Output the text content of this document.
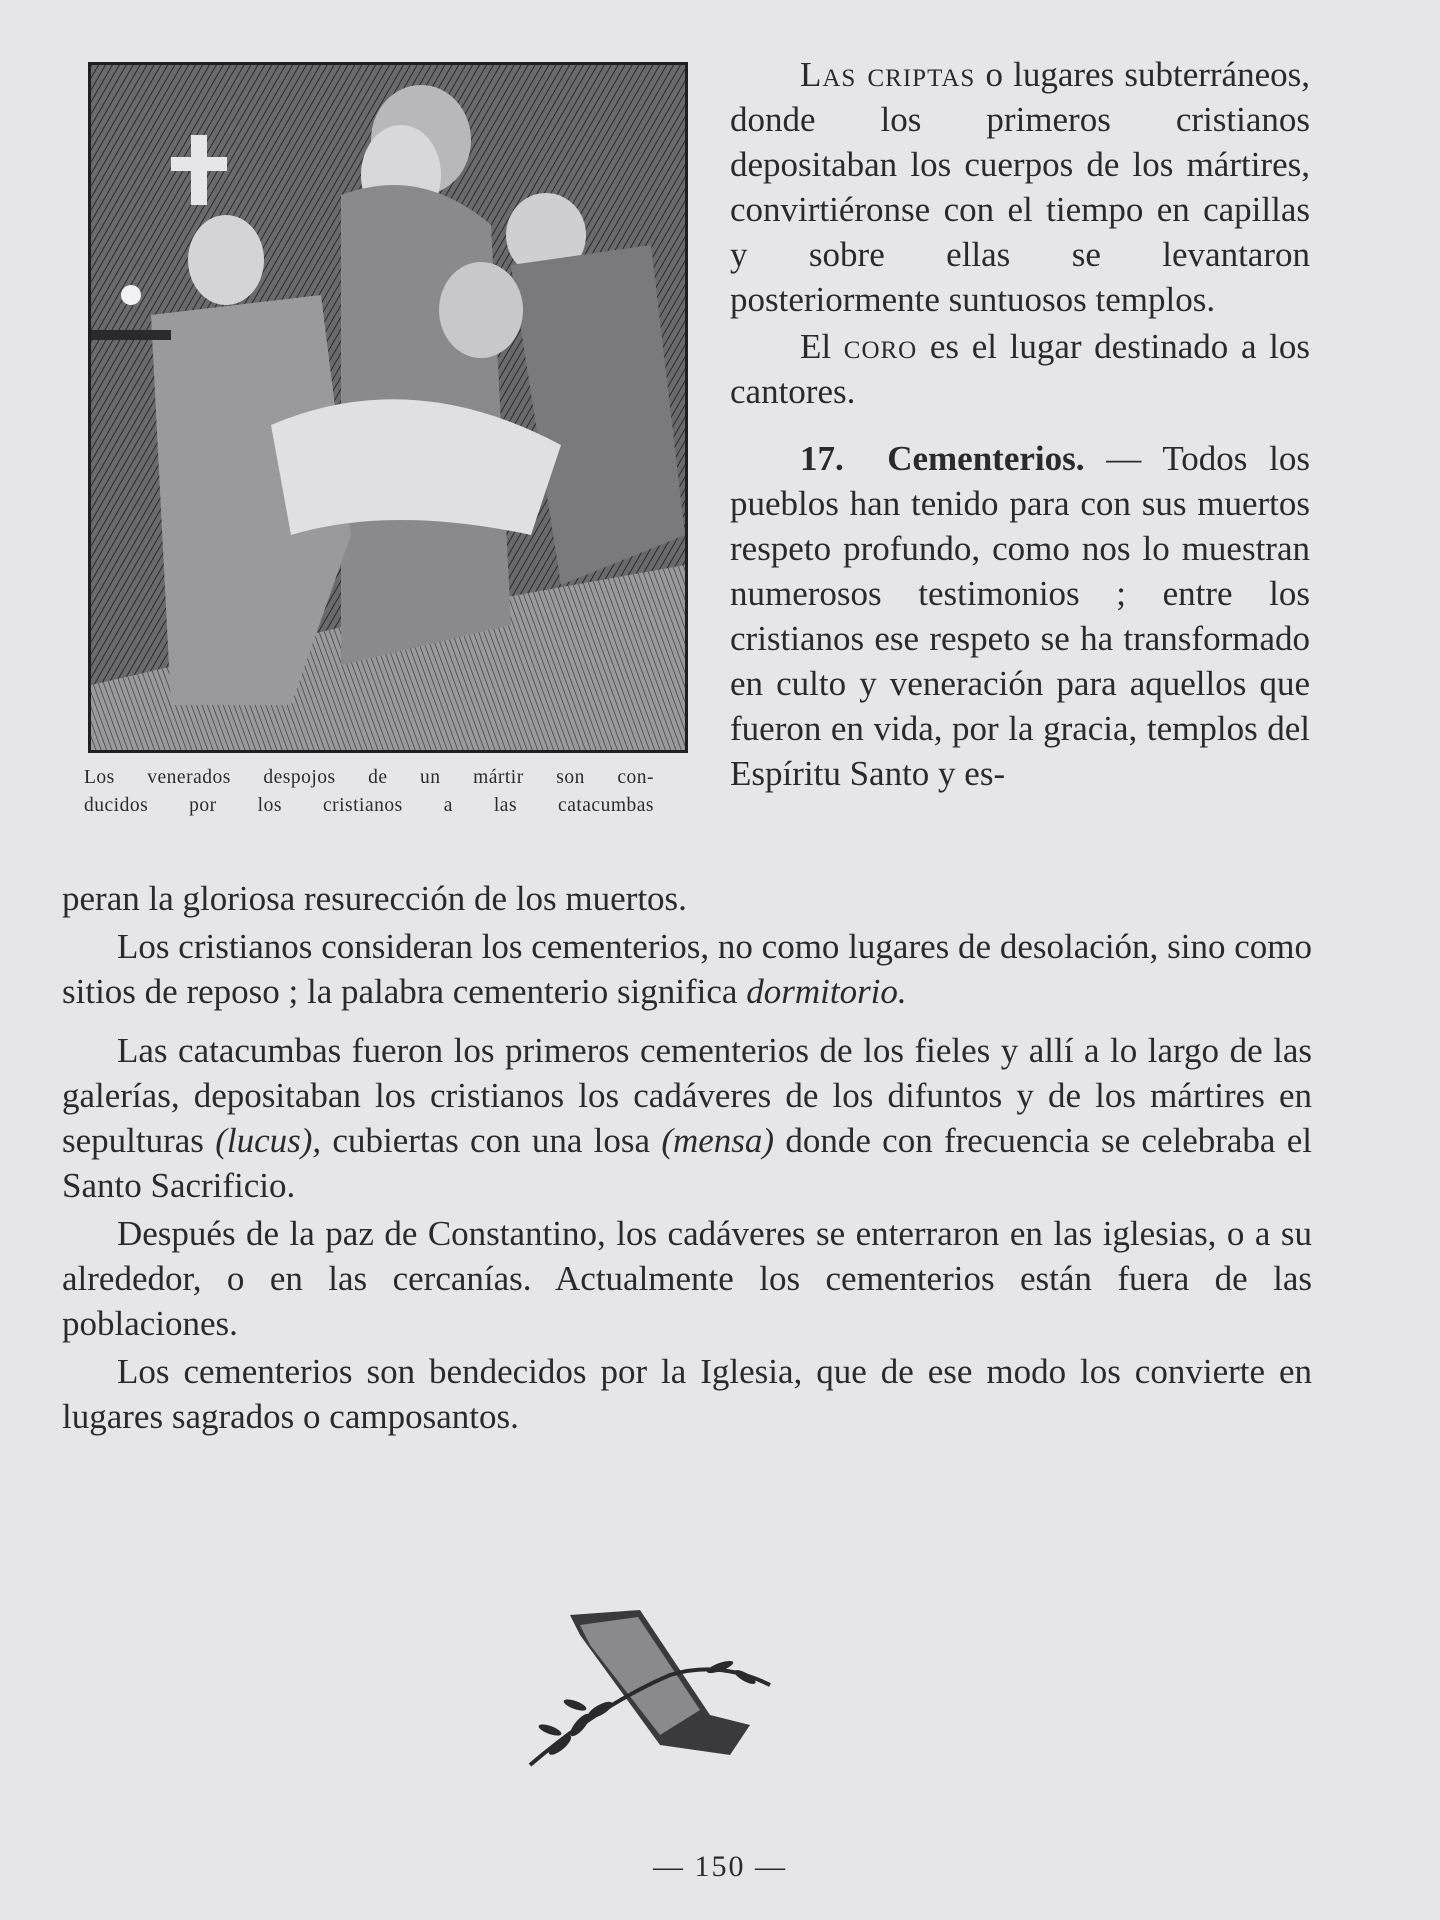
Los venerados despojos de un mártir son con-
ducidos por los cristianos a las catacumbas

Las criptas o lugares subterráneos, donde los primeros cristianos depositaban los cuerpos de los mártires, convirtiéronse con el tiempo en capillas y sobre ellas se levantaron posteriormente suntuosos templos.

El coro es el lugar destinado a los cantores.

17. Cementerios. — Todos los pueblos han tenido para con sus muertos respeto profundo, como nos lo muestran numerosos testimonios ; entre los cristianos ese respeto se ha transformado en culto y veneración para aquellos que fueron en vida, por la gracia, templos del Espíritu Santo y es-

peran la gloriosa resurección de los muertos.

Los cristianos consideran los cementerios, no como lugares de desolación, sino como sitios de reposo ; la palabra cementerio significa dormitorio.

Las catacumbas fueron los primeros cementerios de los fieles y allí a lo largo de las galerías, depositaban los cristianos los cadáveres de los difuntos y de los mártires en sepulturas (lucus), cubiertas con una losa (mensa) donde con frecuencia se celebraba el Santo Sacrificio.

Después de la paz de Constantino, los cadáveres se enterraron en las iglesias, o a su alrededor, o en las cercanías. Actualmente los cementerios están fuera de las poblaciones.

Los cementerios son bendecidos por la Iglesia, que de ese modo los convierte en lugares sagrados o camposantos.

— 150 —
